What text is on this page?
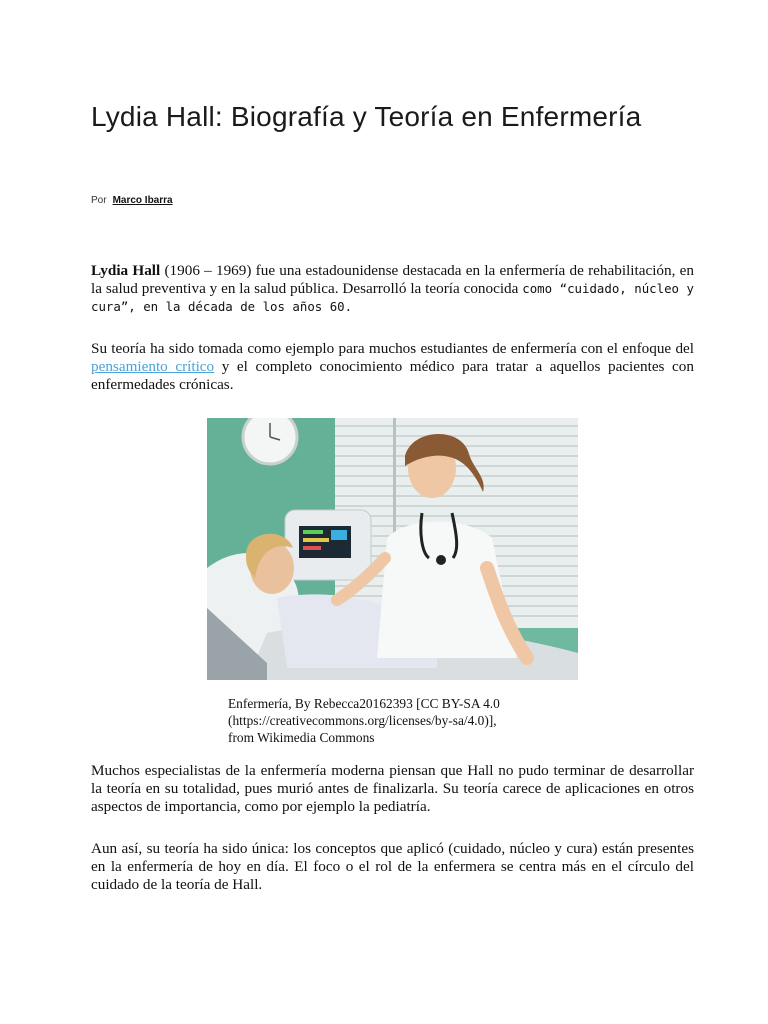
Lydia Hall: Biografía y Teoría en Enfermería
Por Marco Ibarra

Lydia Hall (1906 – 1969) fue una estadounidense destacada en la enfermería de rehabilitación, en la salud preventiva y en la salud pública. Desarrolló la teoría conocida como “cuidado, núcleo y cura”, en la década de los años 60.

Su teoría ha sido tomada como ejemplo para muchos estudiantes de enfermería con el enfoque del pensamiento crítico y el completo conocimiento médico para tratar a aquellos pacientes con enfermedades crónicas.

Enfermería, By Rebecca20162393 [CC BY-SA 4.0
(https://creativecommons.org/licenses/by-sa/4.0)],
from Wikimedia Commons

Muchos especialistas de la enfermería moderna piensan que Hall no pudo terminar de desarrollar la teoría en su totalidad, pues murió antes de finalizarla. Su teoría carece de aplicaciones en otros aspectos de importancia, como por ejemplo la pediatría.

Aun así, su teoría ha sido única: los conceptos que aplicó (cuidado, núcleo y cura) están presentes en la enfermería de hoy en día. El foco o el rol de la enfermera se centra más en el círculo del cuidado de la teoría de Hall.
